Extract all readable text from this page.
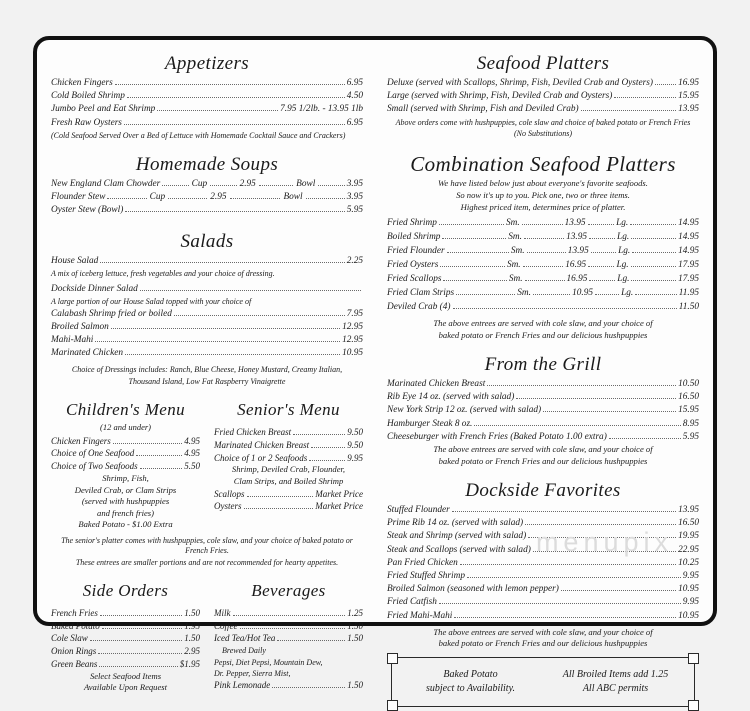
Appetizers
Chicken Fingers	6.95
Cold Boiled Shrimp	4.50
Jumbo Peel and Eat Shrimp	7.95 1/2lb. - 13.95 1lb
Fresh Raw Oysters	6.95
(Cold Seafood Served Over a Bed of Lettuce with Homemade Cocktail Sauce and Crackers)
Homemade Soups
New England Clam Chowder	Cup	2.95	Bowl	3.95
Flounder Stew	Cup	2.95	Bowl	3.95
Oyster Stew (Bowl)	5.95
Salads
House Salad	2.25
A mix of iceberg lettuce, fresh vegetables and your choice of dressing.
Dockside Dinner Salad
A large portion of our House Salad topped with your choice of
Calabash Shrimp fried or boiled	7.95
Broiled Salmon	12.95
Mahi-Mahi	12.95
Marinated Chicken	10.95
Choice of Dressings includes: Ranch, Blue Cheese, Honey Mustard, Creamy Italian,
Thousand Island, Low Fat Raspberry Vinaigrette
Children's Menu
(12 and under)
Chicken Fingers	4.95
Choice of One Seafood	4.95
Choice of Two Seafoods	5.50
Shrimp, Fish,
Deviled Crab, or Clam Strips
(served with hushpuppies
and french fries)
Baked Potato - $1.00 Extra
Senior's Menu
Fried Chicken Breast	9.50
Marinated Chicken Breast	9.50
Choice of 1 or 2 Seafoods	9.95
Shrimp, Deviled Crab, Flounder,
Clam Strips, and Boiled Shrimp
Scallops	Market Price
Oysters	Market Price
The senior's platter comes with hushpuppies, cole slaw, and your choice of baked potato or French Fries.
These entrees are smaller portions and are not recommended for hearty appetites.
Side Orders
French Fries	1.50
Baked Potato	1.95
Cole Slaw	1.50
Onion Rings	2.95
Green Beans	$1.95
Select Seafood Items
Available Upon Request
Beverages
Milk	1.25
Coffee	1.50
Iced Tea/Hot Tea	1.50
Brewed Daily
Pepsi, Diet Pepsi, Mountain Dew,
Dr. Pepper, Sierra Mist,
Pink Lemonade	1.50
Seafood Platters
Deluxe (served with Scallops, Shrimp, Fish, Deviled Crab and Oysters)	16.95
Large (served with Shrimp, Fish, Deviled Crab and Oysters)	15.95
Small (served with Shrimp, Fish and Deviled Crab)	13.95
Above orders come with hushpuppies, cole slaw and choice of baked potato or French Fries
(No Substitutions)
Combination Seafood Platters
We have listed below just about everyone's favorite seafoods.
So now it's up to you. Pick one, two or three items.
Highest priced item, determines price of platter.
Fried Shrimp	Sm.	13.95	Lg.	14.95
Boiled Shrimp	Sm.	13.95	Lg.	14.95
Fried Flounder	Sm.	13.95	Lg.	14.95
Fried Oysters	Sm.	16.95	Lg.	17.95
Fried Scallops	Sm.	16.95	Lg.	17.95
Fried Clam Strips	Sm.	10.95	Lg.	11.95
Deviled Crab (4)	11.50
The above entrees are served with cole slaw, and your choice of
baked potato or French Fries and our delicious hushpuppies
From the Grill
Marinated Chicken Breast	10.50
Rib Eye 14 oz. (served with salad)	16.50
New York Strip 12 oz. (served with salad)	15.95
Hamburger Steak 8 oz.	8.95
Cheeseburger with French Fries (Baked Potato 1.00 extra)	5.95
The above entrees are served with cole slaw, and your choice of
baked potato or French Fries and our delicious hushpuppies
Dockside Favorites
Stuffed Flounder	13.95
Prime Rib 14 oz. (served with salad)	16.50
Steak and Shrimp (served with salad)	19.95
Steak and Scallops (served with salad)	22.95
Pan Fried Chicken	10.25
Fried Stuffed Shrimp	9.95
Broiled Salmon (seasoned with lemon pepper)	10.95
Fried Catfish	9.95
Fried Mahi-Mahi	10.95
The above entrees are served with cole slaw, and your choice of
baked potato or French Fries and our delicious hushpuppies
menupix
Baked Potato
subject to Availability.
All Broiled Items add 1.25
All ABC permits
